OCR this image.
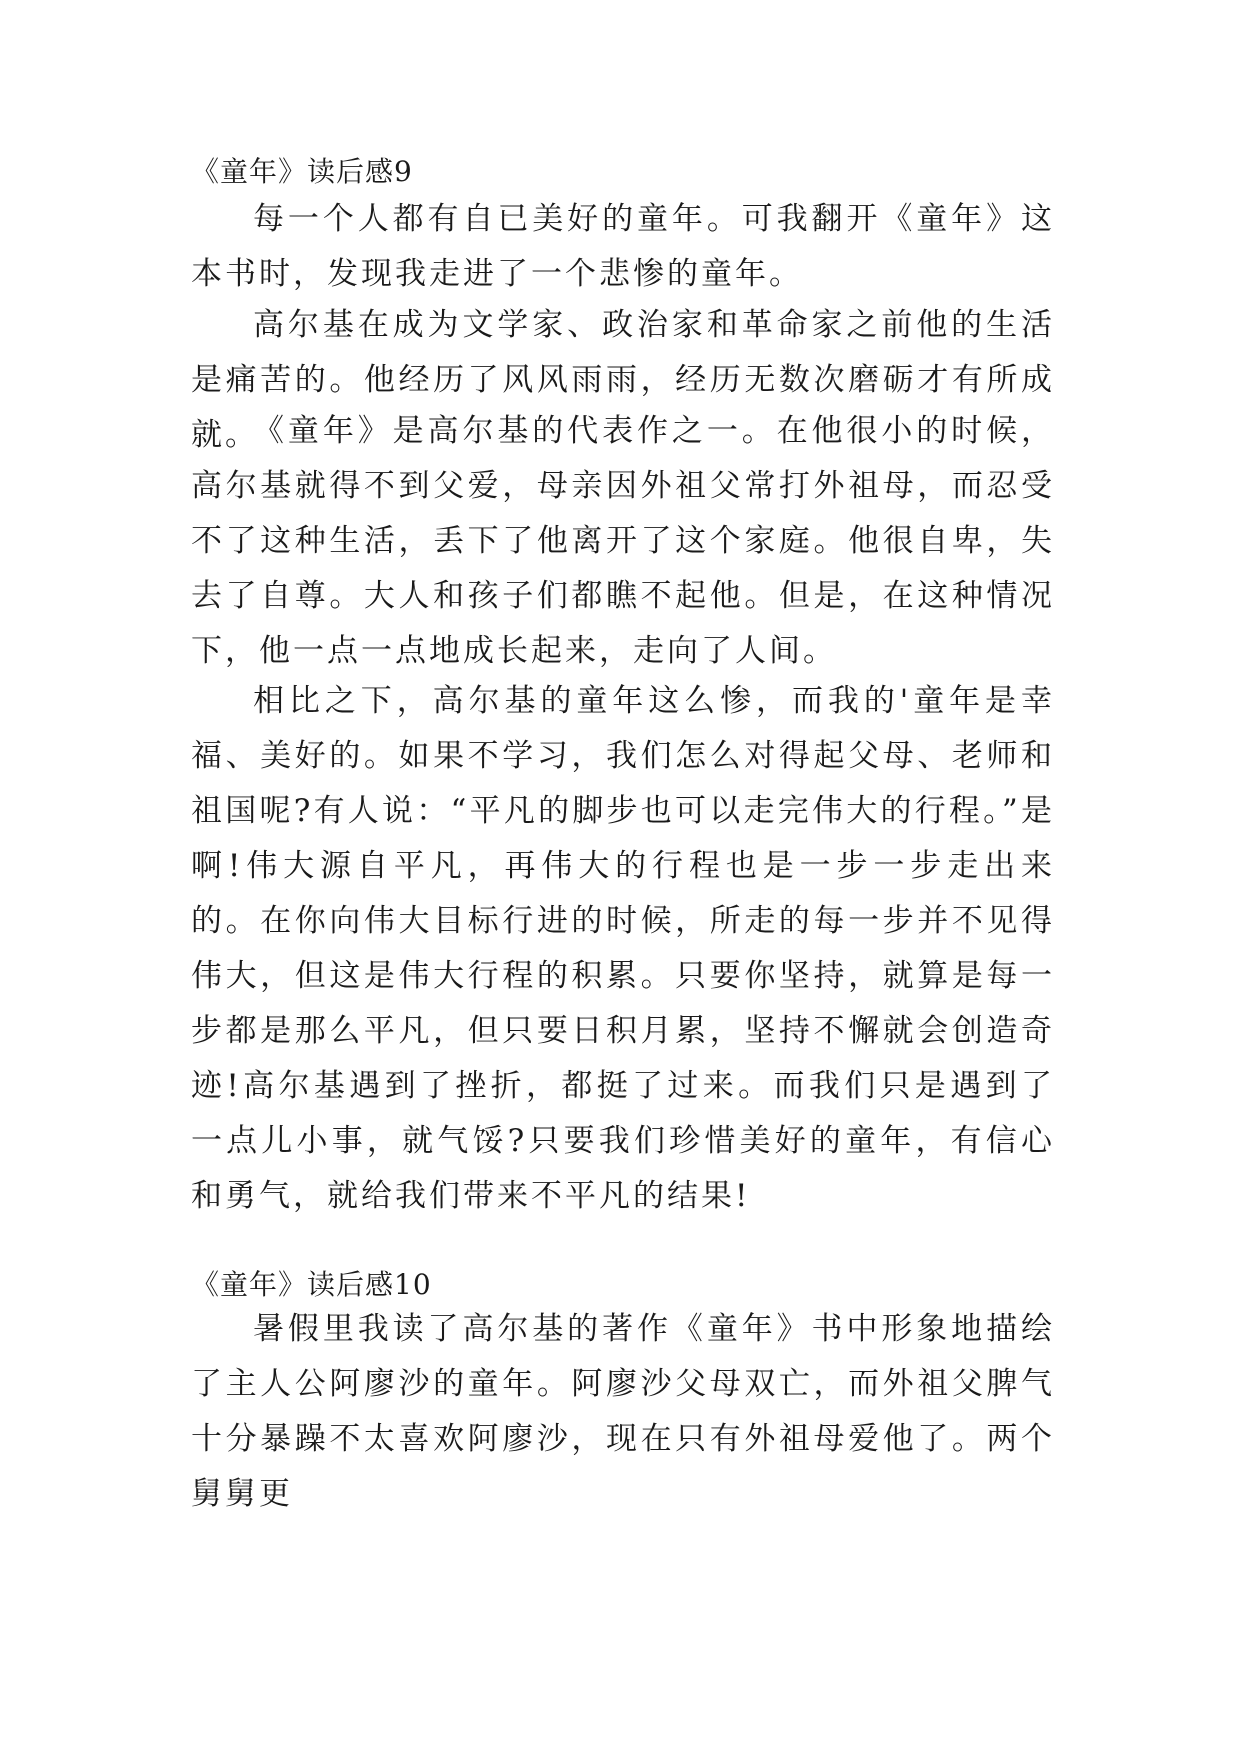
《童年》读后感9

每一个人都有自已美好的童年。可我翻开《童年》这本书时，发现我走进了一个悲惨的童年。

高尔基在成为文学家、政治家和革命家之前他的生活是痛苦的。他经历了风风雨雨，经历无数次磨砺才有所成就。

《童年》是高尔基的代表作之一。在他很小的时候，高尔基就得不到父爱，母亲因外祖父常打外祖母，而忍受不了这种生活，丢下了他离开了这个家庭。他很自卑，失去了自尊。大人和孩子们都瞧不起他。但是，在这种情况下，他一点一点地成长起来，走向了人间。

相比之下，高尔基的童年这么惨，而我的'童年是幸福、美好的。如果不学习，我们怎么对得起父母、老师和祖国呢?有人说：“平凡的脚步也可以走完伟大的行程。”是啊!伟大源自平凡，再伟大的行程也是一步一步走出来的。在你向伟大目标行进的时候，所走的每一步并不见得伟大，但这是伟大行程的积累。只要你坚持，就算是每一步都是那么平凡，但只要日积月累，坚持不懈就会创造奇迹!高尔基遇到了挫折，都挺了过来。而我们只是遇到了一点儿小事，就气馁?只要我们珍惜美好的童年，有信心和勇气，就给我们带来不平凡的结果!

《童年》读后感10

暑假里我读了高尔基的著作《童年》书中形象地描绘了主人公阿廖沙的童年。阿廖沙父母双亡，而外祖父脾气十分暴躁不太喜欢阿廖沙，现在只有外祖母爱他了。两个舅舅更
